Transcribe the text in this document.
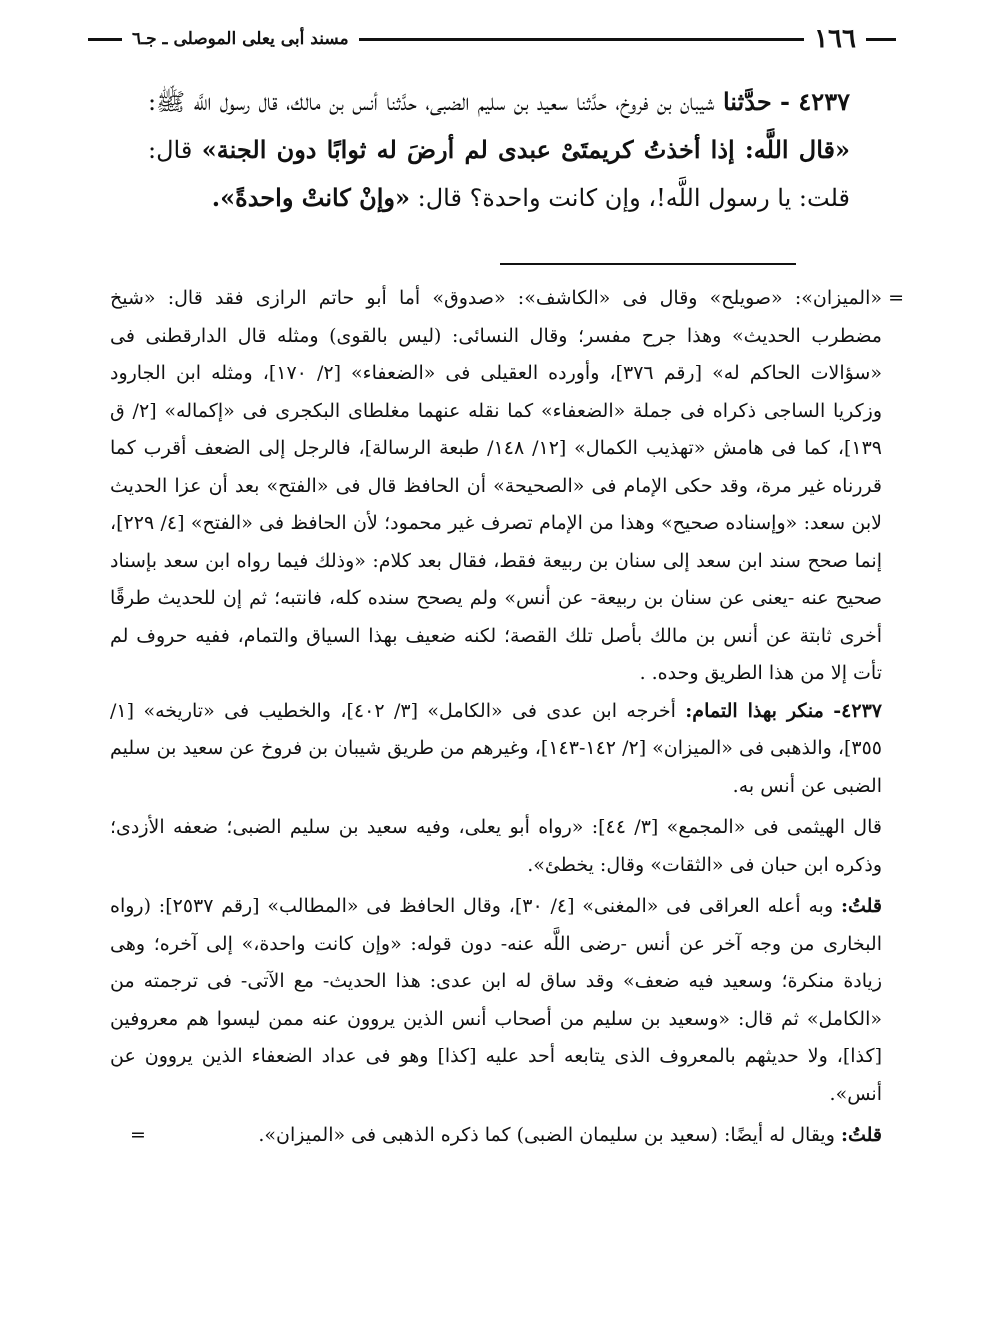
١٦٦
مسند أبى يعلى الموصلى ـ جـ٦
٤٢٣٧ - حدَّثنا شيبان بن فروخ، حدَّثنا سعيد بن سليم الضبى، حدَّثنا أنس بن مالك، قال رسول اللَّه ﷺ: «قال اللَّه: إذا أخذتُ كريمتَىْ عبدى لم أرضَ له ثوابًا دون الجنة» قال: قلت: يا رسول اللَّه!، وإن كانت واحدة؟ قال: «وإنْ كانتْ واحدةً».

=
«الميزان»: «صويلح» وقال فى «الكاشف»: «صدوق» أما أبو حاتم الرازى فقد قال: «شيخ مضطرب الحديث» وهذا جرح مفسر؛ وقال النسائى: (ليس بالقوى) ومثله قال الدارقطنى فى «سؤالات الحاكم له» [رقم ٣٧٦]، وأورده العقيلى فى «الضعفاء» [٢/ ١٧٠]، ومثله ابن الجارود وزكريا الساجى ذكراه فى جملة «الضعفاء» كما نقله عنهما مغلطاى البكجرى فى «إكماله» [٢/ ق ١٣٩]، كما فى هامش «تهذيب الكمال» [١٢/ ١٤٨/ طبعة الرسالة]، فالرجل إلى الضعف أقرب كما قررناه غير مرة، وقد حكى الإمام فى «الصحيحة» أن الحافظ قال فى «الفتح» بعد أن عزا الحديث لابن سعد: «وإسناده صحيح» وهذا من الإمام تصرف غير محمود؛ لأن الحافظ فى «الفتح» [٤/ ٢٢٩]، إنما صحح سند ابن سعد إلى سنان بن ربيعة فقط، فقال بعد كلام: «وذلك فيما رواه ابن سعد بإسناد صحيح عنه -يعنى عن سنان بن ربيعة- عن أنس» ولم يصحح سنده كله، فانتبه؛ ثم إن للحديث طرقًا أخرى ثابتة عن أنس بن مالك بأصل تلك القصة؛ لكنه ضعيف بهذا السياق والتمام، ففيه حروف لم تأت إلا من هذا الطريق وحده. .

٤٢٣٧- منكر بهذا التمام: أخرجه ابن عدى فى «الكامل» [٣/ ٤٠٢]، والخطيب فى «تاريخه» [١/ ٣٥٥]، والذهبى فى «الميزان» [٢/ ١٤٢-١٤٣]، وغيرهم من طريق شيبان بن فروخ عن سعيد بن سليم الضبى عن أنس به.

قال الهيثمى فى «المجمع» [٣/ ٤٤]: «رواه أبو يعلى، وفيه سعيد بن سليم الضبى؛ ضعفه الأزدى؛ وذكره ابن حبان فى «الثقات» وقال: يخطئ».

قلتُ: وبه أعله العراقى فى «المغنى» [٤/ ٣٠]، وقال الحافظ فى «المطالب» [رقم ٢٥٣٧]: (رواه البخارى من وجه آخر عن أنس -رضى اللَّه عنه- دون قوله: «وإن كانت واحدة،» إلى آخره؛ وهى زيادة منكرة؛ وسعيد فيه ضعف» وقد ساق له ابن عدى: هذا الحديث- مع الآتى- فى ترجمته من «الكامل» ثم قال: «وسعيد بن سليم من أصحاب أنس الذين يروون عنه ممن ليسوا هم معروفين [كذا]، ولا حديثهم بالمعروف الذى يتابعه أحد عليه [كذا] وهو فى عداد الضعفاء الذين يروون عن أنس».

قلتُ: ويقال له أيضًا: (سعيد بن سليمان الضبى) كما ذكره الذهبى فى «الميزان».
=
